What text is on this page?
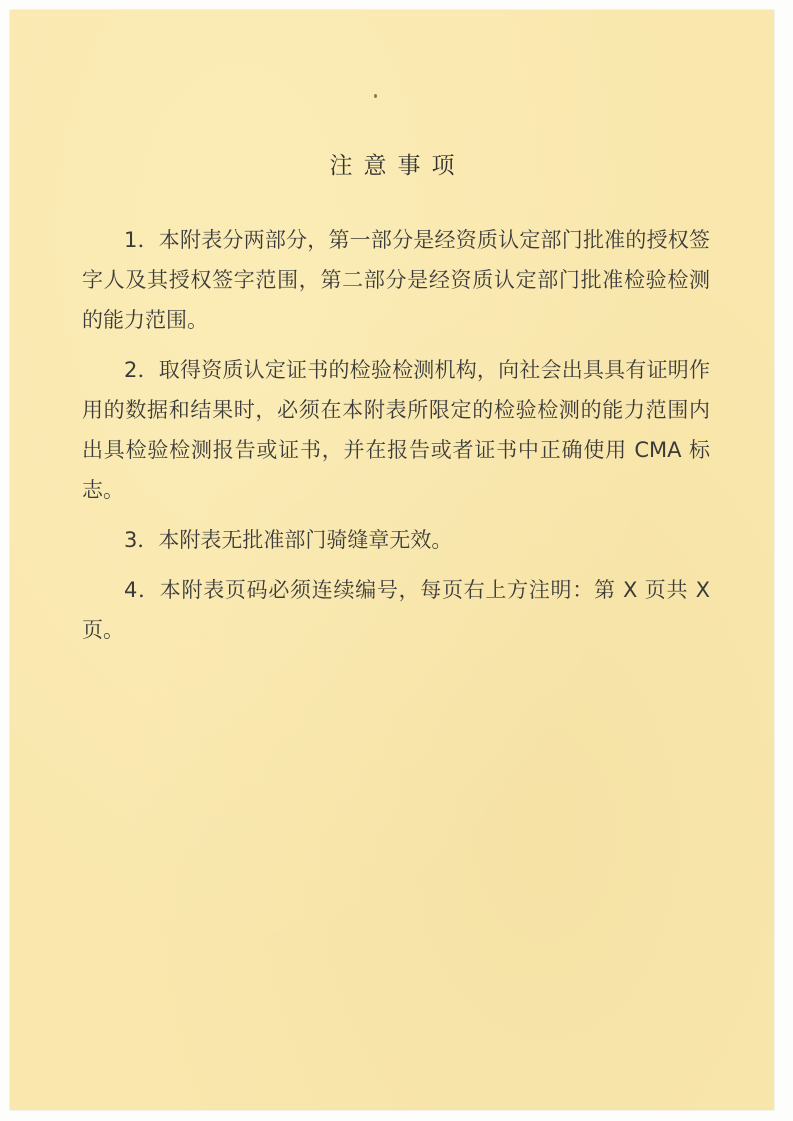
注意事项

1．本附表分两部分，第一部分是经资质认定部门批准的授权签字人及其授权签字范围，第二部分是经资质认定部门批准检验检测的能力范围。

2．取得资质认定证书的检验检测机构，向社会出具具有证明作用的数据和结果时，必须在本附表所限定的检验检测的能力范围内出具检验检测报告或证书，并在报告或者证书中正确使用 CMA 标志。

3．本附表无批准部门骑缝章无效。

4．本附表页码必须连续编号，每页右上方注明：第 X 页共 X 页。
